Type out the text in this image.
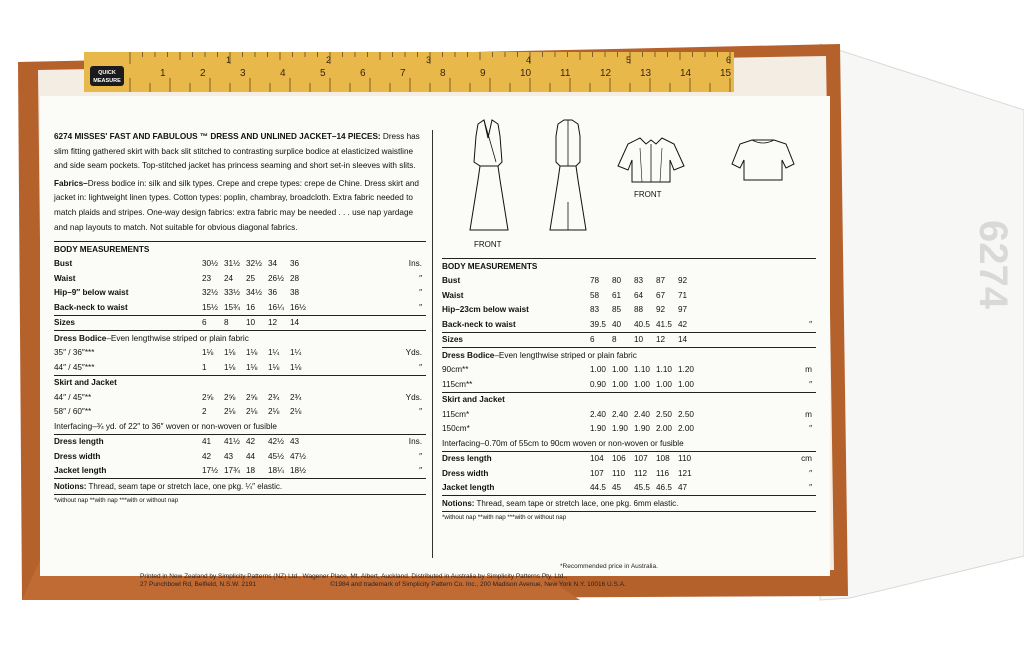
6274
QUICK
MEASURE
1	2	3	4	5	6
1	2	3	4	5	6	7	8	9	10	11	12	13	14	15

6274 MISSES' FAST AND FABULOUS ™ DRESS AND UNLINED JACKET–14 PIECES: Dress has slim fitting gathered skirt with back slit stitched to contrasting surplice bodice at elasticized waistline and side seam pockets. Top-stitched jacket has princess seaming and short set-in sleeves with slits.

Fabrics–Dress bodice in: silk and silk types. Crepe and crepe types: crepe de Chine. Dress skirt and jacket in: lightweight linen types. Cotton types: poplin, chambray, broadcloth. Extra fabric needed to match plaids and stripes. One-way design fabrics: extra fabric may be needed . . . use nap yardage and nap layouts to match. Not suitable for obvious diagonal fabrics.

BODY MEASUREMENTS						
Bust	30½	31½	32½	34	36	Ins.
Waist	23	24	25	26½	28	″
Hip–9″ below waist	32½	33½	34½	36	38	″
Back-neck to waist	15½	15¾	16	16¼	16½	″
Sizes	6	8	10	12	14	
Dress Bodice–Even lengthwise striped or plain fabric						
35″ / 36″***	1⅛	1⅛	1⅛	1¼	1¼	Yds.
44″ / 45″***	1	1⅛	1⅛	1⅛	1⅛	″
Skirt and Jacket						
44″ / 45″**	2⅝	2⅝	2⅝	2¾	2¾	Yds.
58″ / 60″**	2	2⅛	2⅛	2⅛	2⅛	″
Interfacing–¾ yd. of 22″ to 36″ woven or non-woven or fusible						
Dress length	41	41½	42	42½	43	Ins.
Dress width	42	43	44	45½	47½	″
Jacket length	17½	17¾	18	18¼	18½	″
Notions: Thread, seam tape or stretch lace, one pkg. ¼″ elastic.
*without nap **with nap ***with or without nap
FRONT
FRONT
BODY MEASUREMENTS						
Bust	78	80	83	87	92	
Waist	58	61	64	67	71	
Hip–23cm below waist	83	85	88	92	97	
Back-neck to waist	39.5	40	40.5	41.5	42	″
Sizes	6	8	10	12	14	
Dress Bodice–Even lengthwise striped or plain fabric						
90cm**	1.00	1.00	1.10	1.10	1.20	m
115cm**	0.90	1.00	1.00	1.00	1.00	″
Skirt and Jacket						
115cm*	2.40	2.40	2.40	2.50	2.50	m
150cm*	1.90	1.90	1.90	2.00	2.00	″
Interfacing–0.70m of 55cm to 90cm woven or non-woven or fusible						
Dress length	104	106	107	108	110	cm
Dress width	107	110	112	116	121	″
Jacket length	44.5	45	45.5	46.5	47	″
Notions: Thread, seam tape or stretch lace, one pkg. 6mm elastic.
*without nap **with nap ***with or without nap
*Recommended price in Australia.
Printed in New Zealand by Simplicity Patterns (NZ) Ltd., Wagener Place, Mt. Albert, Auckland. Distributed in Australia by Simplicity Patterns Pty. Ltd.,
27 Punchbowl Rd, Belfield, N.S.W. 2191	©1984 and trademark of Simplicity Pattern Co. Inc., 200 Madison Avenue, New York N.Y. 10016 U.S.A.
